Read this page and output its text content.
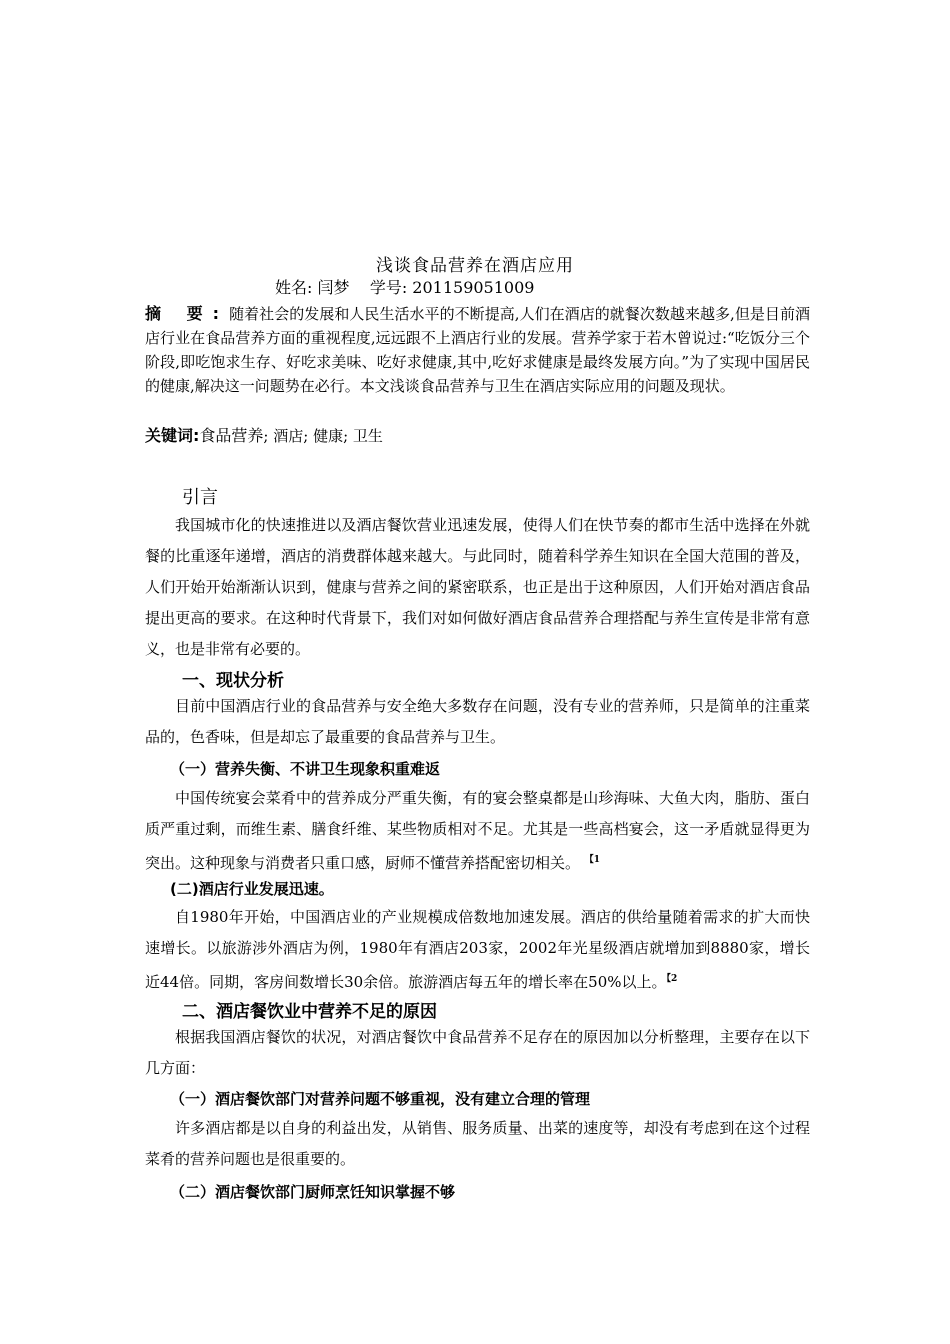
浅谈食品营养在酒店应用
姓名: 闫梦    学号: 201159051009
摘 要:随着社会的发展和人民生活水平的不断提高,人们在酒店的就餐次数越来越多,但是目前酒店行业在食品营养方面的重视程度,远远跟不上酒店行业的发展。营养学家于若木曾说过:“吃饭分三个阶段,即吃饱求生存、好吃求美味、吃好求健康,其中,吃好求健康是最终发展方向。”为了实现中国居民的健康,解决这一问题势在必行。本文浅谈食品营养与卫生在酒店实际应用的问题及现状。
关键词:食品营养; 酒店; 健康; 卫生
引言
我国城市化的快速推进以及酒店餐饮营业迅速发展，使得人们在快节奏的都市生活中选择在外就餐的比重逐年递增，酒店的消费群体越来越大。与此同时，随着科学养生知识在全国大范围的普及，人们开始开始渐渐认识到，健康与营养之间的紧密联系，也正是出于这种原因，人们开始对酒店食品提出更高的要求。在这种时代背景下，我们对如何做好酒店食品营养合理搭配与养生宣传是非常有意义，也是非常有必要的。
一、现状分析
目前中国酒店行业的食品营养与安全绝大多数存在问题，没有专业的营养师，只是简单的注重菜品的，色香味，但是却忘了最重要的食品营养与卫生。
（一）营养失衡、不讲卫生现象积重难返
中国传统宴会菜肴中的营养成分严重失衡，有的宴会整桌都是山珍海味、大鱼大肉，脂肪、蛋白质严重过剩，而维生素、膳食纤维、某些物质相对不足。尤其是一些高档宴会，这一矛盾就显得更为突出。这种现象与消费者只重口感，厨师不懂营养搭配密切相关。 $^{【1}$
(二)酒店行业发展迅速。
自1980年开始，中国酒店业的产业规模成倍数地加速发展。酒店的供给量随着需求的扩大而快速增长。以旅游涉外酒店为例，1980年有酒店203家，2002年光星级酒店就增加到8880家，增长近44倍。同期，客房间数增长30余倍。旅游酒店每五年的增长率在50%以上。$^{【2}$
二、酒店餐饮业中营养不足的原因
根据我国酒店餐饮的状况，对酒店餐饮中食品营养不足存在的原因加以分析整理，主要存在以下几方面：
（一）酒店餐饮部门对营养问题不够重视，没有建立合理的管理
许多酒店都是以自身的利益出发，从销售、服务质量、出菜的速度等，却没有考虑到在这个过程菜肴的营养问题也是很重要的。
（二）酒店餐饮部门厨师烹饪知识掌握不够
